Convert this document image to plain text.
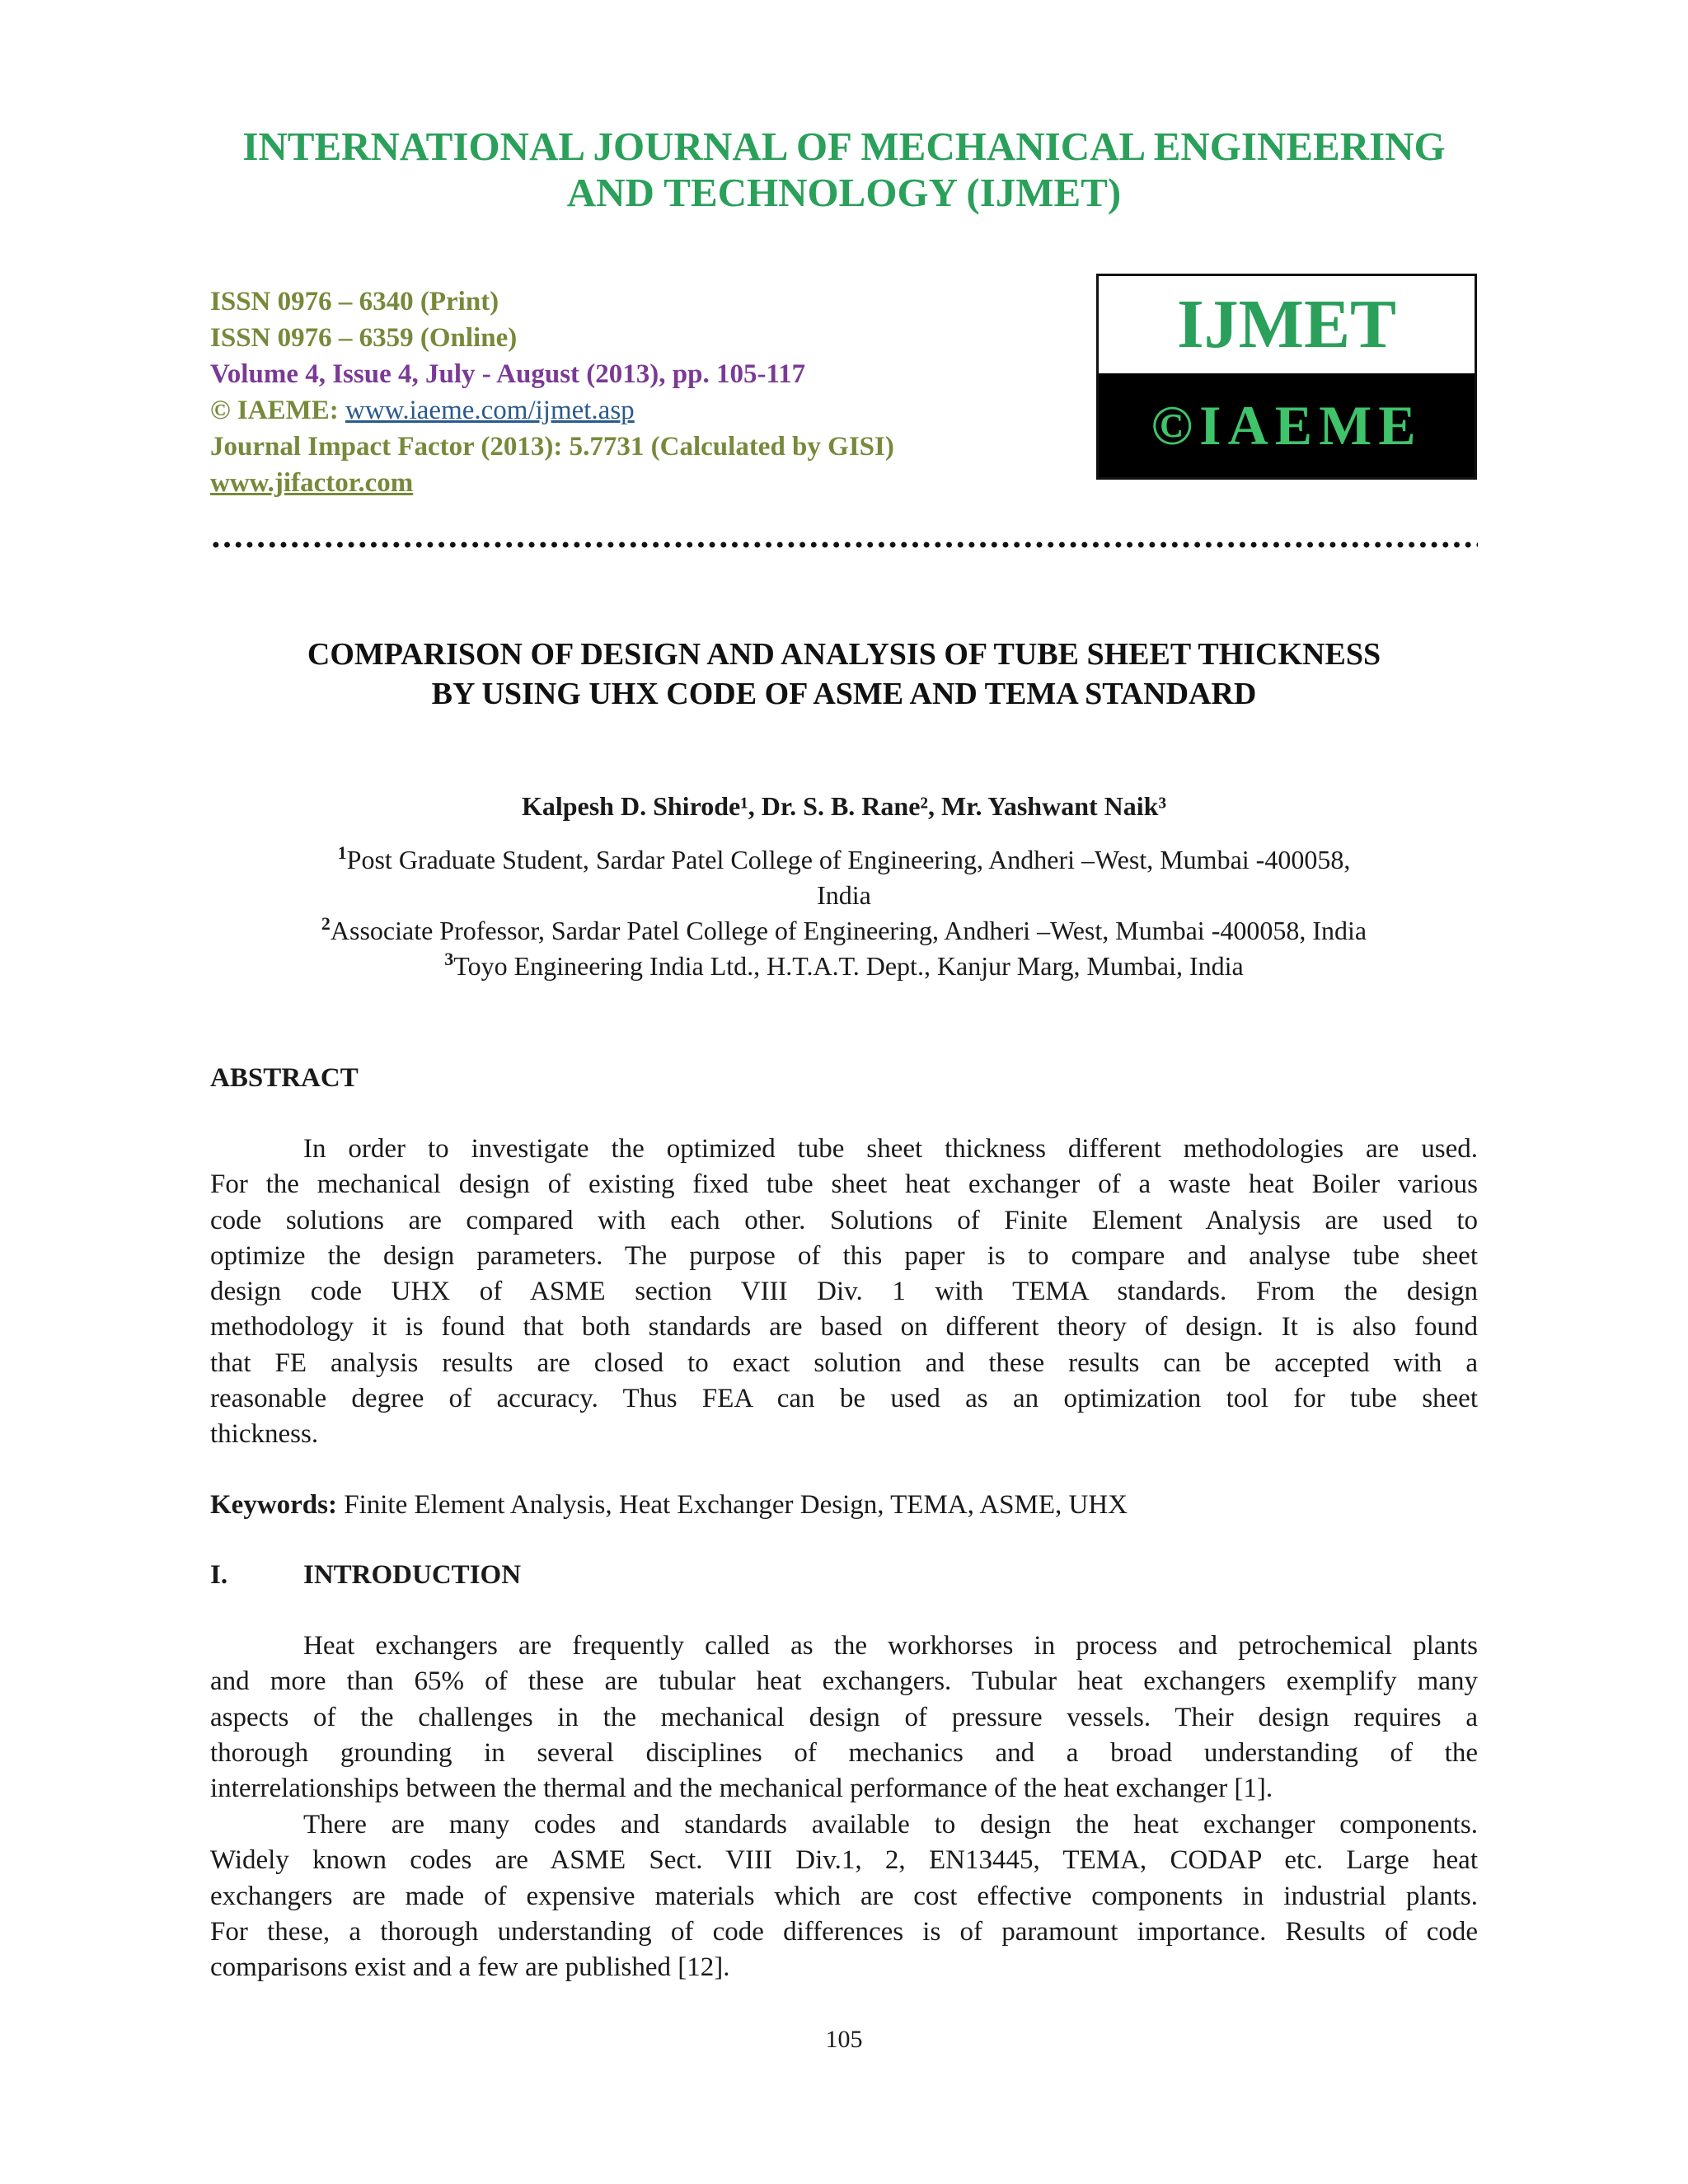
INTERNATIONAL JOURNAL OF MECHANICAL ENGINEERING
AND TECHNOLOGY (IJMET)
ISSN 0976 – 6340 (Print)
ISSN 0976 – 6359 (Online)
Volume 4, Issue 4, July - August (2013), pp. 105-117
© IAEME: www.iaeme.com/ijmet.asp
Journal Impact Factor (2013): 5.7731 (Calculated by GISI)
www.jifactor.com
IJMET
©IAEME
COMPARISON OF DESIGN AND ANALYSIS OF TUBE SHEET THICKNESS
BY USING UHX CODE OF ASME AND TEMA STANDARD
Kalpesh D. Shirode¹, Dr. S. B. Rane², Mr. Yashwant Naik³
$^1$Post Graduate Student, Sardar Patel College of Engineering, Andheri –West, Mumbai -400058,
India
$^2$Associate Professor, Sardar Patel College of Engineering, Andheri –West, Mumbai -400058, India
$^3$Toyo Engineering India Ltd., H.T.A.T. Dept., Kanjur Marg, Mumbai, India
ABSTRACT
In order to investigate the optimized tube sheet thickness different methodologies are used.
For the mechanical design of existing fixed tube sheet heat exchanger of a waste heat Boiler various
code solutions are compared with each other. Solutions of Finite Element Analysis are used to
optimize the design parameters. The purpose of this paper is to compare and analyse tube sheet
design code UHX of ASME section VIII Div. 1 with TEMA standards. From the design
methodology it is found that both standards are based on different theory of design. It is also found
that FE analysis results are closed to exact solution and these results can be accepted with a
reasonable degree of accuracy. Thus FEA can be used as an optimization tool for tube sheet
thickness.
Keywords: Finite Element Analysis, Heat Exchanger Design, TEMA, ASME, UHX
I.	INTRODUCTION
Heat exchangers are frequently called as the workhorses in process and petrochemical plants
and more than 65% of these are tubular heat exchangers. Tubular heat exchangers exemplify many
aspects of the challenges in the mechanical design of pressure vessels. Their design requires a
thorough grounding in several disciplines of mechanics and a broad understanding of the
interrelationships between the thermal and the mechanical performance of the heat exchanger [1].
There are many codes and standards available to design the heat exchanger components.
Widely known codes are ASME Sect. VIII Div.1, 2, EN13445, TEMA, CODAP etc. Large heat
exchangers are made of expensive materials which are cost effective components in industrial plants.
For these, a thorough understanding of code differences is of paramount importance. Results of code
comparisons exist and a few are published [12].
105
